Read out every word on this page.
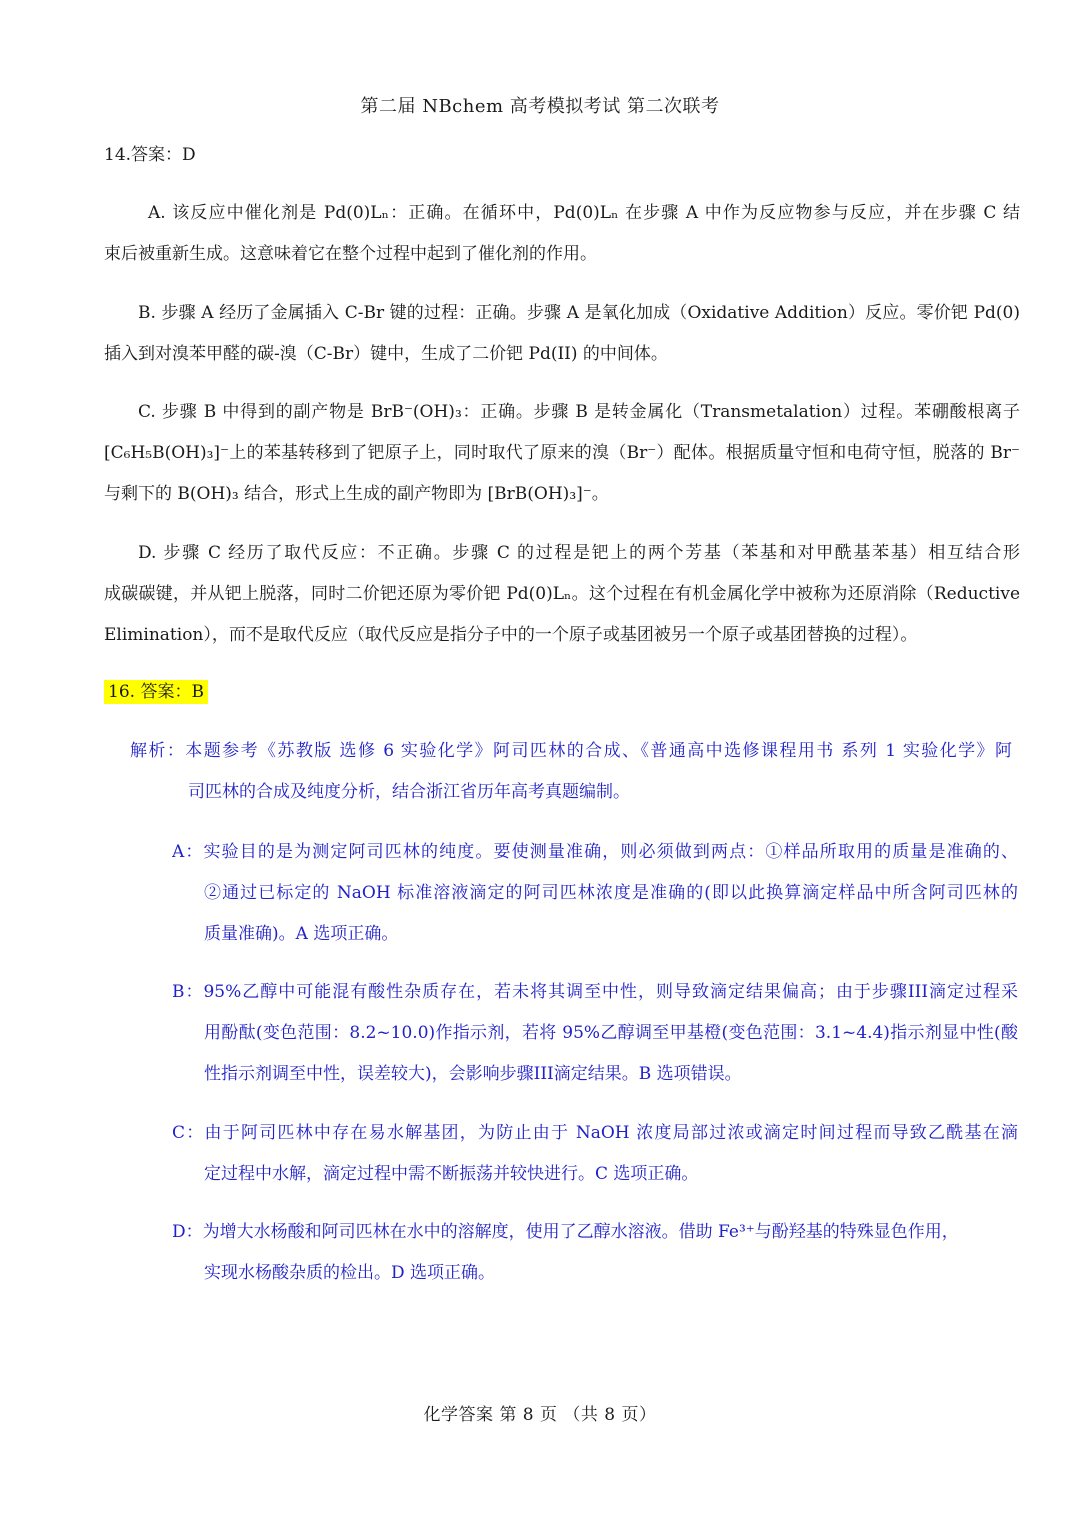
第二届 NBchem 高考模拟考试 第二次联考
14.答案：D
A. 该反应中催化剂是 Pd(0)Lₙ：正确。在循环中，Pd(0)Lₙ 在步骤 A 中作为反应物参与反应，并在步骤 C 结
束后被重新生成。这意味着它在整个过程中起到了催化剂的作用。
B. 步骤 A 经历了金属插入 C-Br 键的过程：正确。步骤 A 是氧化加成（Oxidative Addition）反应。零价钯 Pd(0)
插入到对溴苯甲醛的碳-溴（C-Br）键中，生成了二价钯 Pd(II) 的中间体。
C. 步骤 B 中得到的副产物是 BrB⁻(OH)₃：正确。步骤 B 是转金属化（Transmetalation）过程。苯硼酸根离子
[C₆H₅B(OH)₃]⁻上的苯基转移到了钯原子上，同时取代了原来的溴（Br⁻）配体。根据质量守恒和电荷守恒，脱落的 Br⁻
与剩下的 B(OH)₃ 结合，形式上生成的副产物即为 [BrB(OH)₃]⁻。
D. 步骤 C 经历了取代反应：不正确。步骤 C 的过程是钯上的两个芳基（苯基和对甲酰基苯基）相互结合形
成碳碳键，并从钯上脱落，同时二价钯还原为零价钯 Pd(0)Lₙ。这个过程在有机金属化学中被称为还原消除（Reductive
Elimination），而不是取代反应（取代反应是指分子中的一个原子或基团被另一个原子或基团替换的过程）。
16. 答案：B
解析：本题参考《苏教版 选修 6 实验化学》阿司匹林的合成、《普通高中选修课程用书 系列 1 实验化学》阿
司匹林的合成及纯度分析，结合浙江省历年高考真题编制。
A：实验目的是为测定阿司匹林的纯度。要使测量准确，则必须做到两点：①样品所取用的质量是准确的、
②通过已标定的 NaOH 标准溶液滴定的阿司匹林浓度是准确的(即以此换算滴定样品中所含阿司匹林的
质量准确)。A 选项正确。
B：95%乙醇中可能混有酸性杂质存在，若未将其调至中性，则导致滴定结果偏高；由于步骤III滴定过程采
用酚酞(变色范围：8.2~10.0)作指示剂，若将 95%乙醇调至甲基橙(变色范围：3.1~4.4)指示剂显中性(酸
性指示剂调至中性，误差较大)，会影响步骤III滴定结果。B 选项错误。
C：由于阿司匹林中存在易水解基团，为防止由于 NaOH 浓度局部过浓或滴定时间过程而导致乙酰基在滴
定过程中水解，滴定过程中需不断振荡并较快进行。C 选项正确。
D：为增大水杨酸和阿司匹林在水中的溶解度，使用了乙醇水溶液。借助 Fe³⁺与酚羟基的特殊显色作用，
实现水杨酸杂质的检出。D 选项正确。
化学答案 第 8 页 （共 8 页）
